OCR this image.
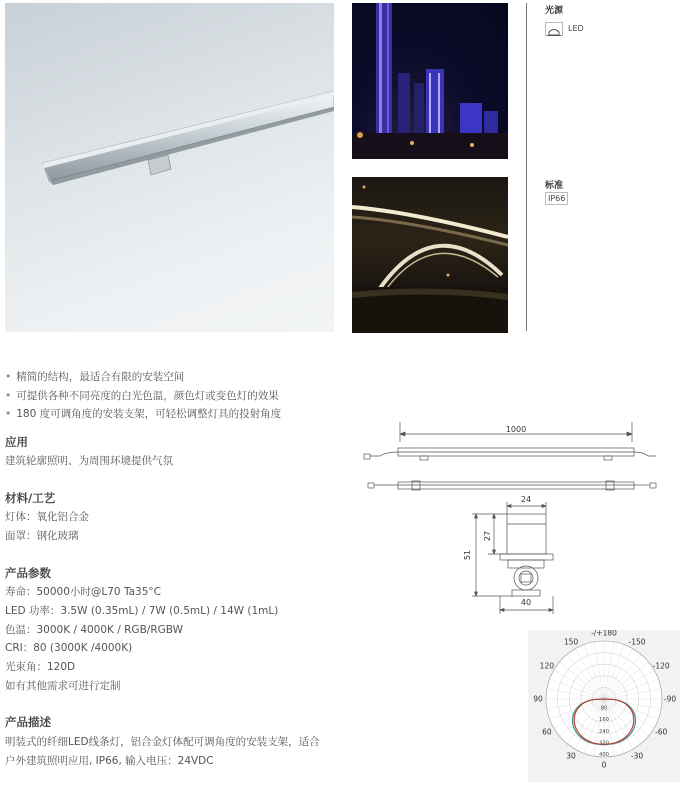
光源
LED
标准
IP66
• 精简的结构，最适合有限的安装空间
• 可提供各种不同亮度的白光色温，颜色灯或变色灯的效果
• 180 度可调角度的安装支架，可轻松调整灯具的投射角度
应用
建筑轮廓照明、为周围环境提供气氛
材料/工艺
灯体：氧化铝合金
面罩：钢化玻璃
产品参数
寿命：50000小时@L70 Ta35°C
LED 功率：3.5W (0.35mL) / 7W (0.5mL) / 14W (1mL)
色温：3000K / 4000K / RGB/RGBW
CRI：80 (3000K /4000K)
光束角：120D
如有其他需求可进行定制
产品描述
明装式的纤细LED线条灯，铝合金灯体配可调角度的安装支架，适合
户外建筑照明应用, IP66, 输入电压：24VDC
1000
24
27
51
40
80
160
240
320
400
-150
-120
-90
-60
-30
0
30
60
90
120
150
-/+180
